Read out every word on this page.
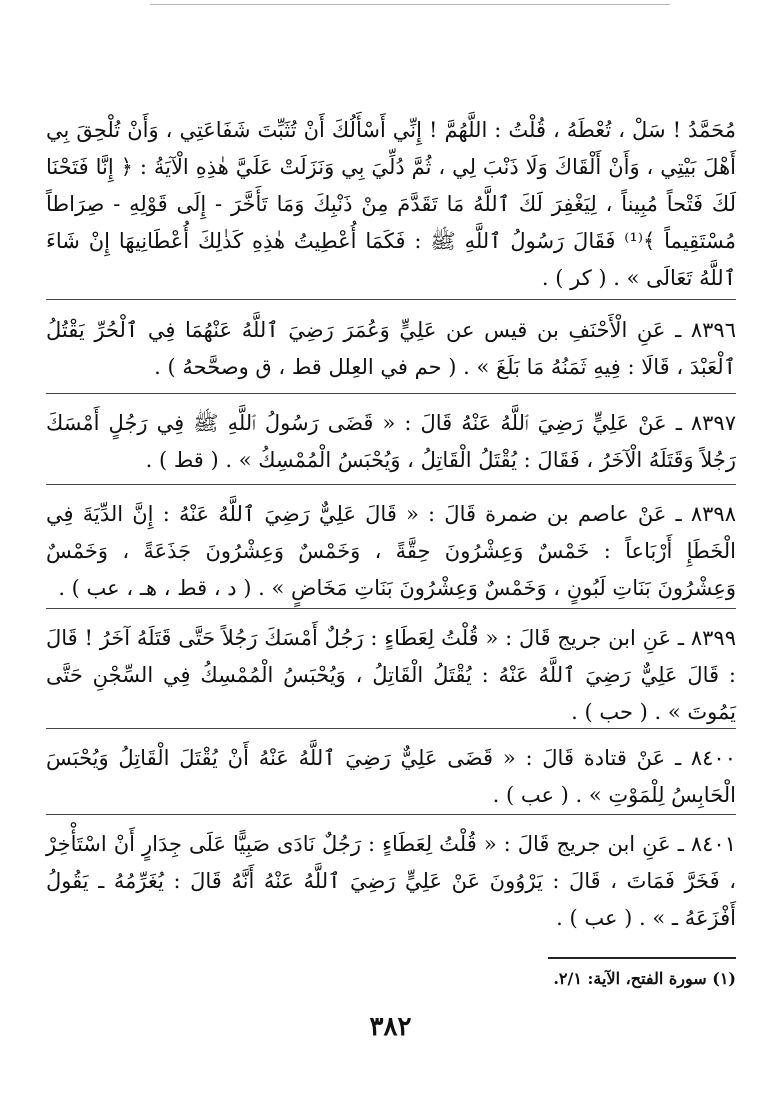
مُحَمَّدُ ! سَلْ ، تُعْطَهُ ، قُلْتُ : اللَّهُمَّ ! إِنِّي أَسْأَلُكَ أَنْ تُثَبِّتَ شَفَاعَتِي ، وَأَنْ تُلْحِقَ بِي أَهْلَ بَيْتِي ، وَأَنْ أَلْقَاكَ وَلَا ذَنْبَ لِي ، ثُمَّ دُلِّيَ بِي وَنَزَلَتْ عَلَيَّ هٰذِهِ الْآيَةُ : ﴿ إِنَّا فَتَحْنَا لَكَ فَتْحاً مُبِيناً ، لِيَغْفِرَ لَكَ ٱللَّهُ مَا تَقَدَّمَ مِنْ ذَنْبِكَ وَمَا تَأَخَّرَ - إِلَى قَوْلِهِ - صِرَاطاً مُسْتَقِيماً ﴾⁽¹⁾ فَقَالَ رَسُولُ ٱللَّهِ ﷺ : فَكَمَا أُعْطِيتُ هٰذِهِ كَذٰلِكَ أُعْطَانِيهَا إِنْ شَاءَ ٱللَّهُ تَعَالَى » . ( كر ) .

٨٣٩٦ ـ عَنِ الْأَحْنَفِ بن قيس عن عَلِيٍّ وَعُمَرَ رَضِيَ ٱللَّهُ عَنْهُمَا فِي ٱلْحُرِّ يَقْتُلُ ٱلْعَبْدَ ، قَالَا : فِيهِ ثَمَنُهُ مَا بَلَغَ » . ( حم في العِلل قط ، ق وصحَّحهُ ) .

٨٣٩٧ ـ عَنْ عَلِيٍّ رَضِيَ ٱللَّهُ عَنْهُ قَالَ : « قَضَى رَسُولُ ٱللَّهِ ﷺ فِي رَجُلٍ أَمْسَكَ رَجُلاً وَقَتَلَهُ الْآخَرُ ، فَقَالَ : يُقْتَلُ الْقَاتِلُ ، وَيُحْبَسُ الْمُمْسِكُ » . ( قط ) .

٨٣٩٨ ـ عَنْ عاصم بن ضمرة قَالَ : « قَالَ عَلِيٌّ رَضِيَ ٱللَّهُ عَنْهُ : إِنَّ الدِّيَةَ فِي الْخَطَإِ أَرْبَاعاً : خَمْسٌ وَعِشْرُونَ حِقَّةً ، وَخَمْسٌ وَعِشْرُونَ جَذَعَةً ، وَخَمْسٌ وَعِشْرُونَ بَنَاتِ لَبُونٍ ، وَخَمْسٌ وَعِشْرُونَ بَنَاتِ مَخَاضٍ » . ( د ، قط ، هـ ، عب ) .

٨٣٩٩ ـ عَنِ ابن جريج قَالَ : « قُلْتُ لِعَطَاءٍ : رَجُلٌ أَمْسَكَ رَجُلاً حَتَّى قَتَلَهُ آخَرُ ! قَالَ : قَالَ عَلِيٌّ رَضِيَ ٱللَّهُ عَنْهُ : يُقْتَلُ الْقَاتِلُ ، وَيُحْبَسُ الْمُمْسِكُ فِي السِّجْنِ حَتَّى يَمُوتَ » . ( حب ) .

٨٤٠٠ ـ عَنْ قتادة قَالَ : « قَضَى عَلِيٌّ رَضِيَ ٱللَّهُ عَنْهُ أَنْ يُقْتَلَ الْقَاتِلُ وَيُحْبَسَ الْحَابِسُ لِلْمَوْتِ » . ( عب ) .

٨٤٠١ ـ عَنِ ابن جريج قَالَ : « قُلْتُ لِعَطَاءٍ : رَجُلٌ نَادَى صَبِيًّا عَلَى جِدَارٍ أَنْ اسْتَأْخِرْ ، فَخَرَّ فَمَاتَ ، قَالَ : يَرْوُونَ عَنْ عَلِيٍّ رَضِيَ ٱللَّهُ عَنْهُ أَنَّهُ قَالَ : يُغَرِّمُهُ ـ يَقُولُ أَفْزَعَهُ ـ » . ( عب ) .

(١) سورة الفتح، الآية: ٢/١.
٣٨٢
